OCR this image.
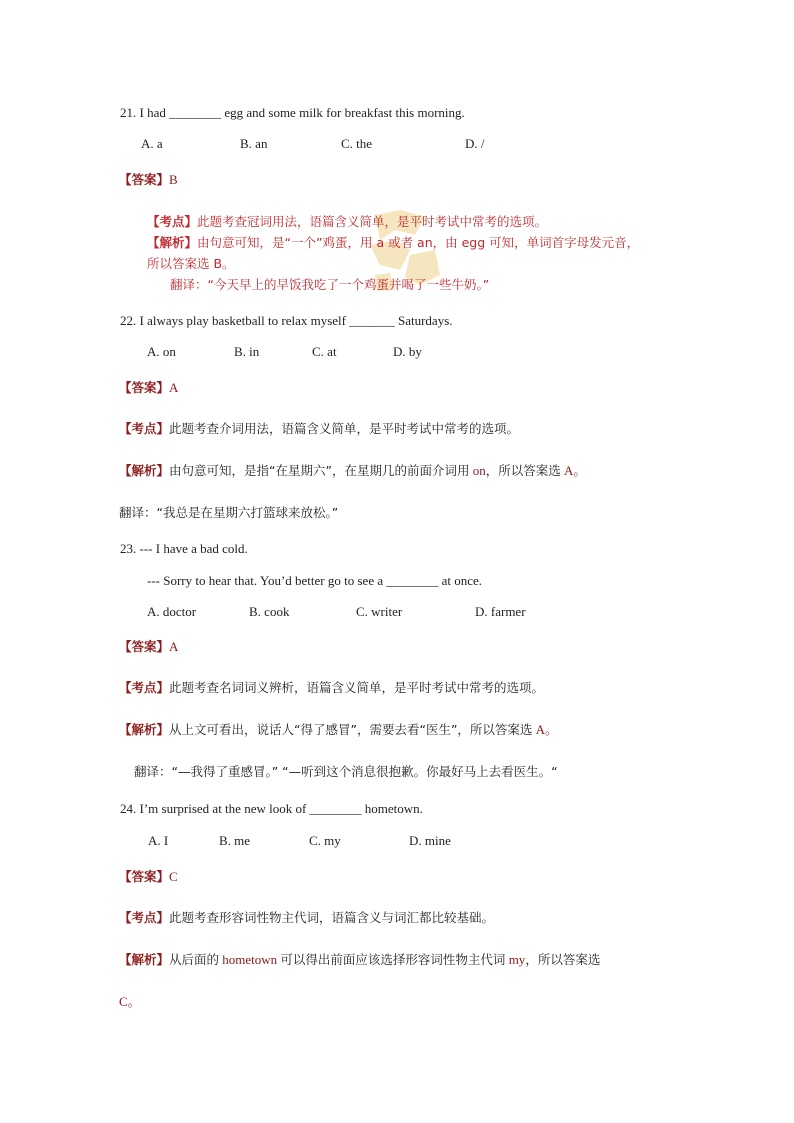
21. I had ________ egg and some milk for breakfast this morning.
A. a	B. an	C. the	D. /
【答案】B
【考点】此题考查冠词用法，语篇含义简单，是平时考试中常考的选项。
【解析】由句意可知，是“一个”鸡蛋，用 a 或者 an，由 egg 可知，单词首字母发元音，
所以答案选 B。
翻译：“今天早上的早饭我吃了一个鸡蛋并喝了一些牛奶。”
22. I always play basketball to relax myself _______ Saturdays.
A. on	B. in	C. at	D. by
【答案】A
【考点】此题考查介词用法，语篇含义简单，是平时考试中常考的选项。
【解析】由句意可知，是指“在星期六”，在星期几的前面介词用 on，所以答案选 A。
翻译：“我总是在星期六打篮球来放松。”
23. --- I have a bad cold.
--- Sorry to hear that. You’d better go to see a ________ at once.
A. doctor	B. cook	C. writer	D. farmer
【答案】A
【考点】此题考查名词词义辨析，语篇含义简单，是平时考试中常考的选项。
【解析】从上文可看出，说话人“得了感冒”，需要去看“医生”，所以答案选 A。
翻译：“—我得了重感冒。” “—听到这个消息很抱歉。你最好马上去看医生。“
24. I’m surprised at the new look of ________ hometown.
A. I	B. me	C. my	D. mine
【答案】C
【考点】此题考查形容词性物主代词，语篇含义与词汇都比较基础。
【解析】从后面的 hometown 可以得出前面应该选择形容词性物主代词 my，所以答案选
C。
